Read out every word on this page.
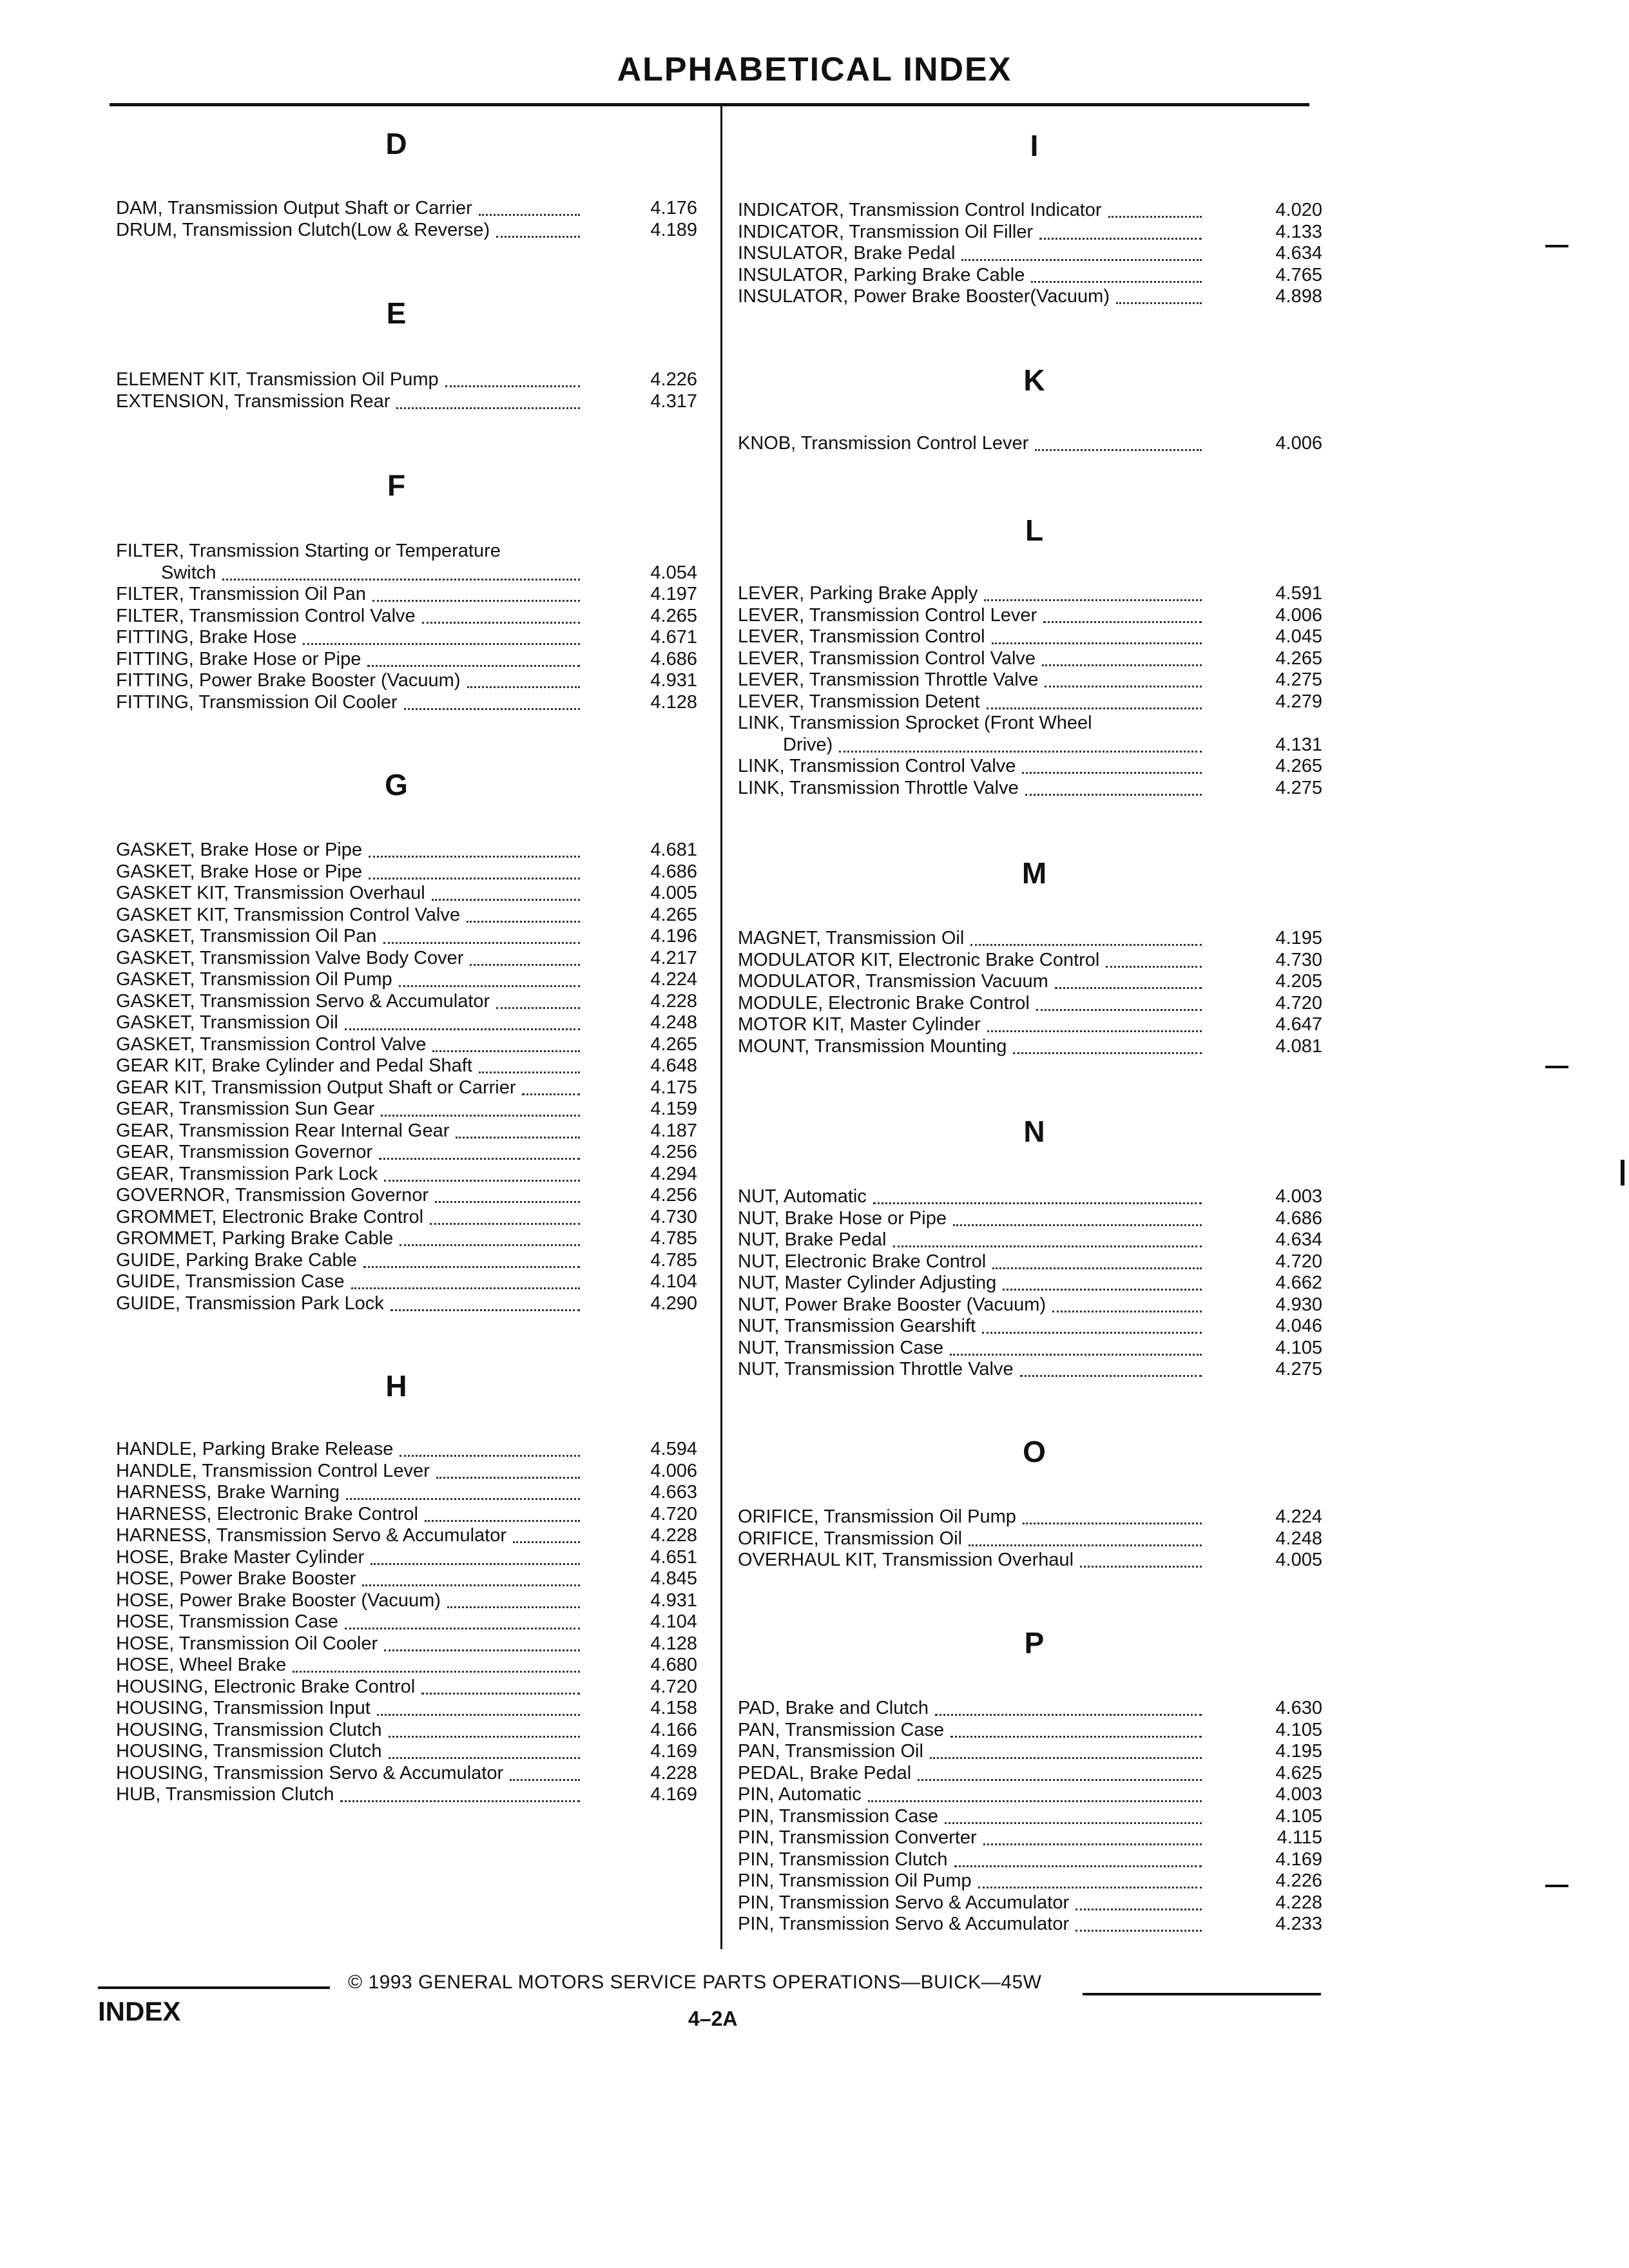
ALPHABETICAL INDEX
D
DAM, Transmission Output Shaft or Carrier	4.176
DRUM, Transmission Clutch(Low & Reverse)	4.189
E
ELEMENT KIT, Transmission Oil Pump	4.226
EXTENSION, Transmission Rear	4.317
F
FILTER, Transmission Starting or Temperature
Switch	4.054
FILTER, Transmission Oil Pan	4.197
FILTER, Transmission Control Valve	4.265
FITTING, Brake Hose	4.671
FITTING, Brake Hose or Pipe	4.686
FITTING, Power Brake Booster (Vacuum)	4.931
FITTING, Transmission Oil Cooler	4.128
G
GASKET, Brake Hose or Pipe	4.681
GASKET, Brake Hose or Pipe	4.686
GASKET KIT, Transmission Overhaul	4.005
GASKET KIT, Transmission Control Valve	4.265
GASKET, Transmission Oil Pan	4.196
GASKET, Transmission Valve Body Cover	4.217
GASKET, Transmission Oil Pump	4.224
GASKET, Transmission Servo & Accumulator	4.228
GASKET, Transmission Oil	4.248
GASKET, Transmission Control Valve	4.265
GEAR KIT, Brake Cylinder and Pedal Shaft	4.648
GEAR KIT, Transmission Output Shaft or Carrier	4.175
GEAR, Transmission Sun Gear	4.159
GEAR, Transmission Rear Internal Gear	4.187
GEAR, Transmission Governor	4.256
GEAR, Transmission Park Lock	4.294
GOVERNOR, Transmission Governor	4.256
GROMMET, Electronic Brake Control	4.730
GROMMET, Parking Brake Cable	4.785
GUIDE, Parking Brake Cable	4.785
GUIDE, Transmission Case	4.104
GUIDE, Transmission Park Lock	4.290
H
HANDLE, Parking Brake Release	4.594
HANDLE, Transmission Control Lever	4.006
HARNESS, Brake Warning	4.663
HARNESS, Electronic Brake Control	4.720
HARNESS, Transmission Servo & Accumulator	4.228
HOSE, Brake Master Cylinder	4.651
HOSE, Power Brake Booster	4.845
HOSE, Power Brake Booster (Vacuum)	4.931
HOSE, Transmission Case	4.104
HOSE, Transmission Oil Cooler	4.128
HOSE, Wheel Brake	4.680
HOUSING, Electronic Brake Control	4.720
HOUSING, Transmission Input	4.158
HOUSING, Transmission Clutch	4.166
HOUSING, Transmission Clutch	4.169
HOUSING, Transmission Servo & Accumulator	4.228
HUB, Transmission Clutch	4.169
I
INDICATOR, Transmission Control Indicator	4.020
INDICATOR, Transmission Oil Filler	4.133
INSULATOR, Brake Pedal	4.634
INSULATOR, Parking Brake Cable	4.765
INSULATOR, Power Brake Booster(Vacuum)	4.898
K
KNOB, Transmission Control Lever	4.006
L
LEVER, Parking Brake Apply	4.591
LEVER, Transmission Control Lever	4.006
LEVER, Transmission Control	4.045
LEVER, Transmission Control Valve	4.265
LEVER, Transmission Throttle Valve	4.275
LEVER, Transmission Detent	4.279
LINK, Transmission Sprocket (Front Wheel
Drive)	4.131
LINK, Transmission Control Valve	4.265
LINK, Transmission Throttle Valve	4.275
M
MAGNET, Transmission Oil	4.195
MODULATOR KIT, Electronic Brake Control	4.730
MODULATOR, Transmission Vacuum	4.205
MODULE, Electronic Brake Control	4.720
MOTOR KIT, Master Cylinder	4.647
MOUNT, Transmission Mounting	4.081
N
NUT, Automatic	4.003
NUT, Brake Hose or Pipe	4.686
NUT, Brake Pedal	4.634
NUT, Electronic Brake Control	4.720
NUT, Master Cylinder Adjusting	4.662
NUT, Power Brake Booster (Vacuum)	4.930
NUT, Transmission Gearshift	4.046
NUT, Transmission Case	4.105
NUT, Transmission Throttle Valve	4.275
O
ORIFICE, Transmission Oil Pump	4.224
ORIFICE, Transmission Oil	4.248
OVERHAUL KIT, Transmission Overhaul	4.005
P
PAD, Brake and Clutch	4.630
PAN, Transmission Case	4.105
PAN, Transmission Oil	4.195
PEDAL, Brake Pedal	4.625
PIN, Automatic	4.003
PIN, Transmission Case	4.105
PIN, Transmission Converter	4.115
PIN, Transmission Clutch	4.169
PIN, Transmission Oil Pump	4.226
PIN, Transmission Servo & Accumulator	4.228
PIN, Transmission Servo & Accumulator	4.233
© 1993 GENERAL MOTORS SERVICE PARTS OPERATIONS—BUICK—45W
INDEX	4–2A
